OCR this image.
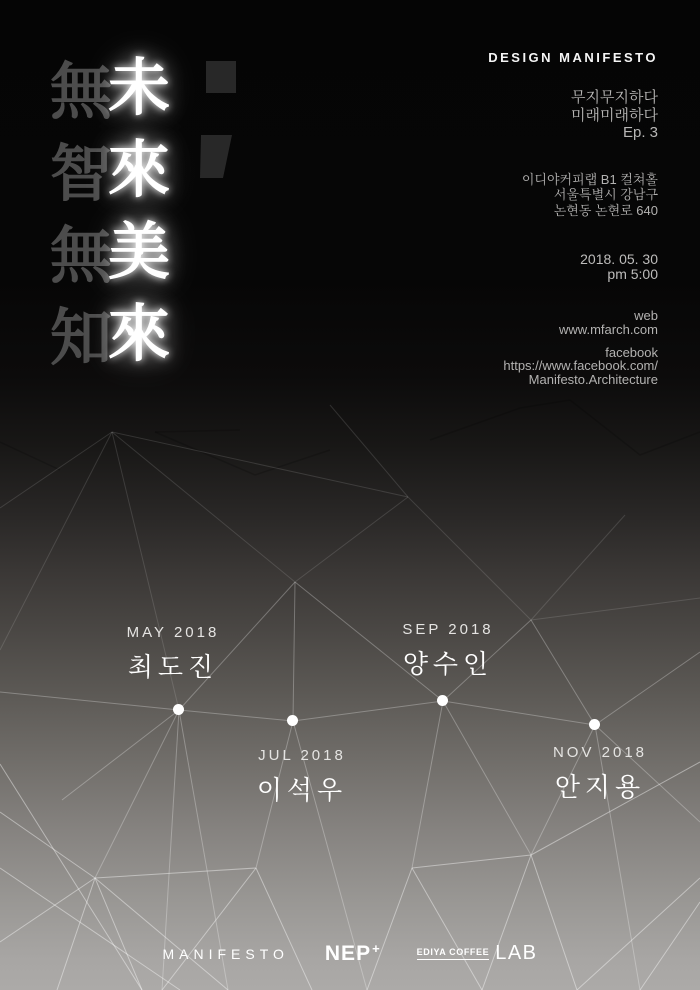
無
智
無
知
未
來
美
來
DESIGN MANIFESTO
무지무지하다
미래미래하다
Ep. 3
이디야커피랩 B1 컬쳐홀
서울특별시 강남구
논현동 논현로 640
2018. 05. 30
pm 5:00
web
www.mfarch.com
facebook
https://www.facebook.com/
Manifesto.Architecture
MAY 2018
최도진
JUL 2018
이석우
SEP 2018
양수인
NOV 2018
안지용
MANIFESTO NEP+	EDIYA COFFEE LAB
